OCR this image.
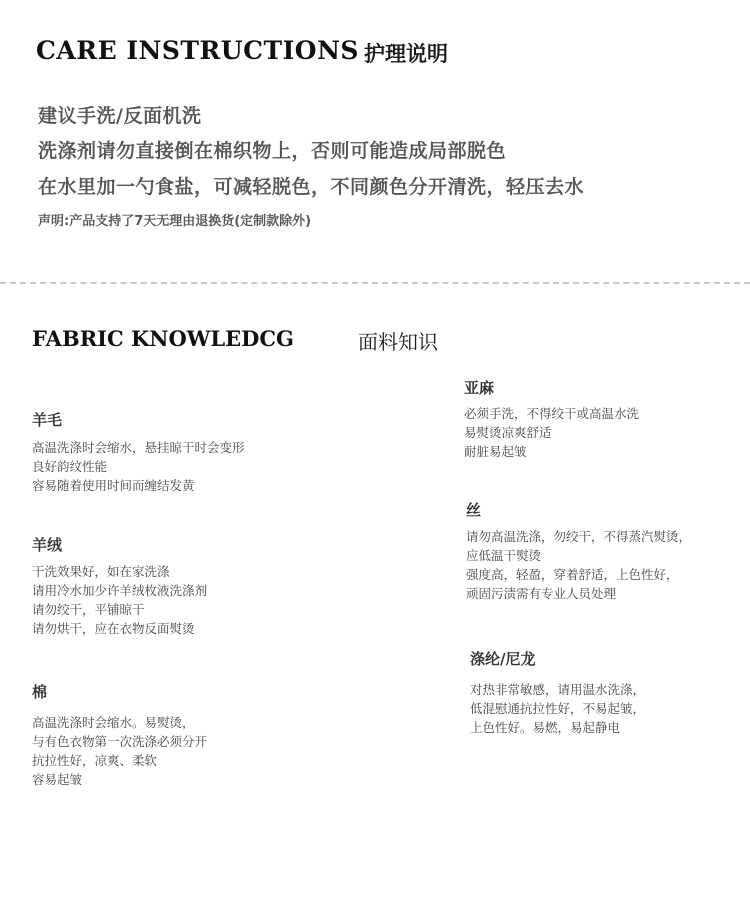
CARE INSTRUCTIONS 护理说明
建议手洗/反面机洗
洗涤剂请勿直接倒在棉织物上，否则可能造成局部脱色
在水里加一勺食盐，可减轻脱色，不同颜色分开清洗，轻压去水
声明:产品支持了7天无理由退换货(定制款除外)
FABRIC KNOWLEDCG	面料知识
羊毛
高温洗涤时会缩水，悬挂晾干时会变形
良好韵纹性能
容易随着使用时间而缠结发黄
羊绒
干洗效果好，如在家洗涤
请用冷水加少许羊绒枚液洗涤剂
请勿绞干，平铺晾干
请勿烘干，应在衣物反面熨烫
棉
高温洗涤时会缩水。易熨烫，
与有色衣物第一次洗涤必须分开
抗拉性好，凉爽、柔软
容易起皱
亚麻
必须手洗，不得绞干或高温水洗
易熨烫凉爽舒适
耐脏易起皱
丝
请勿高温洗涤，勿绞干，不得蒸汽熨烫，
应低温干熨烫
强度高，轻盈，穿着舒适，上色性好，
顽固污渍需有专业人员处理
涤纶/尼龙
对热非常敏感，请用温水洗涤，
低混慰通抗拉性好，不易起皱，
上色性好。易燃，易起静电
